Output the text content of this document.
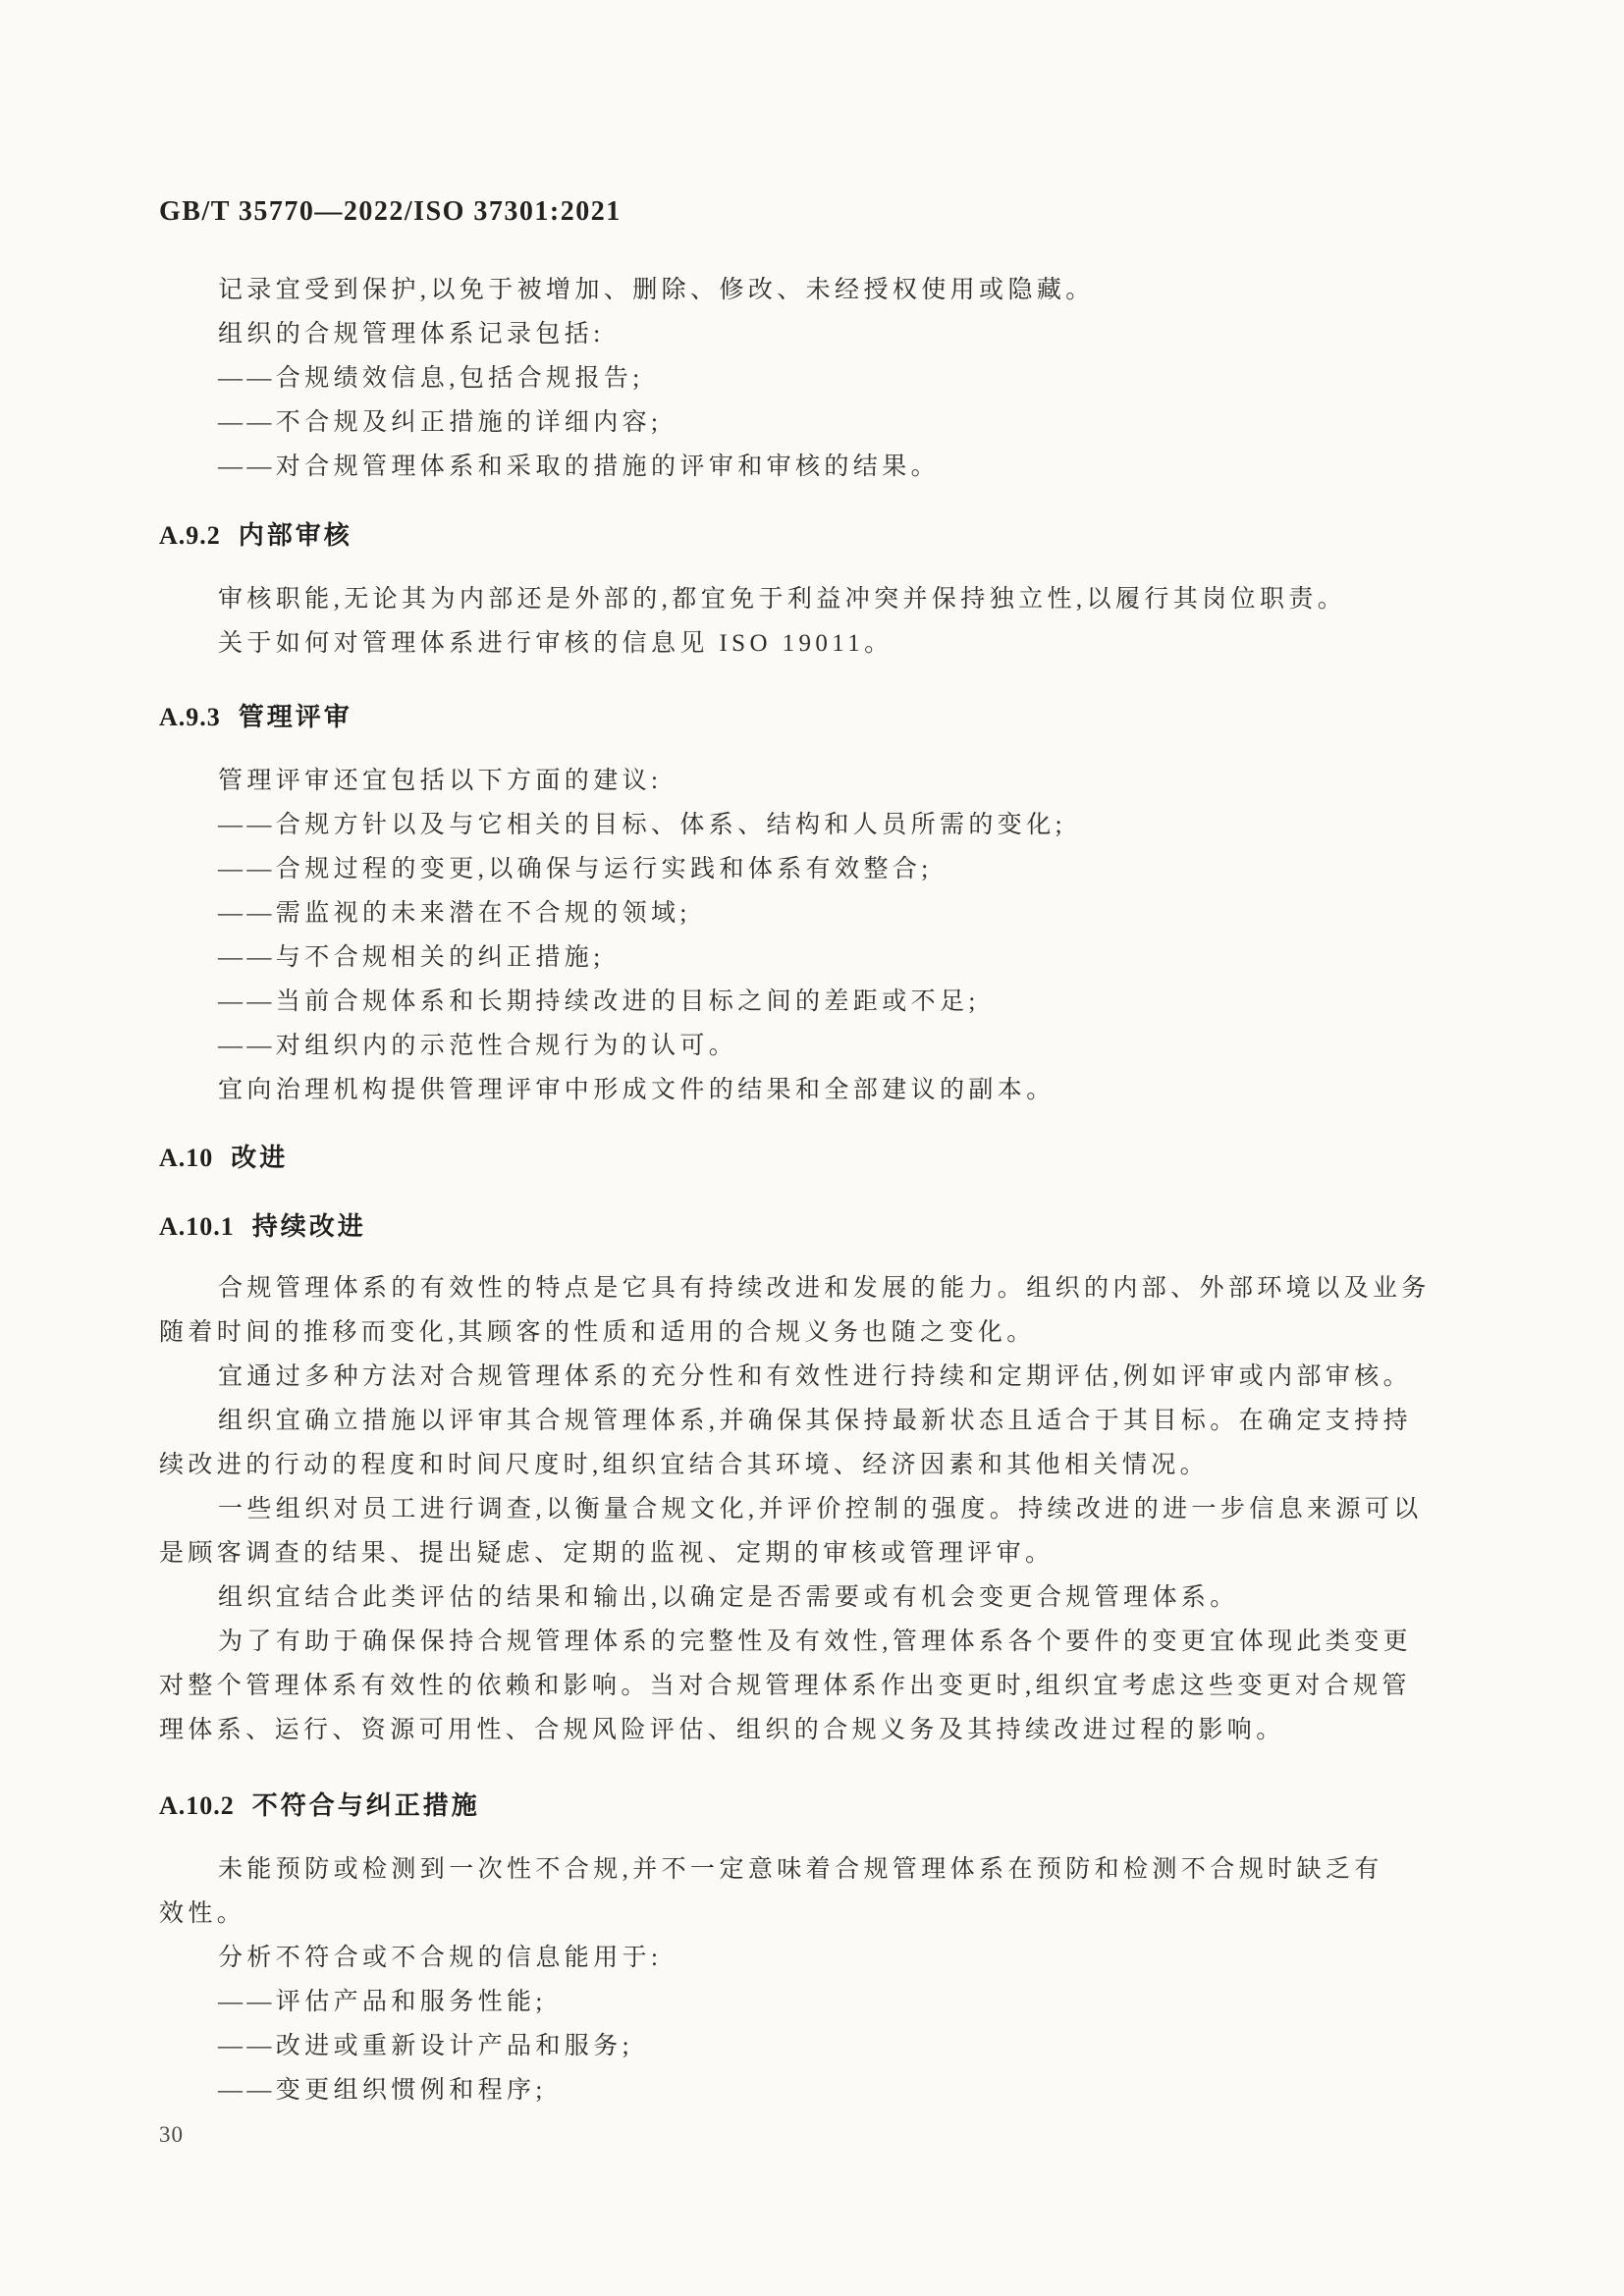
GB/T 35770—2022/ISO 37301:2021
记录宜受到保护,以免于被增加、删除、修改、未经授权使用或隐藏。
组织的合规管理体系记录包括:
——合规绩效信息,包括合规报告;
——不合规及纠正措施的详细内容;
——对合规管理体系和采取的措施的评审和审核的结果。
A.9.2 内部审核
审核职能,无论其为内部还是外部的,都宜免于利益冲突并保持独立性,以履行其岗位职责。
关于如何对管理体系进行审核的信息见 ISO 19011。
A.9.3 管理评审
管理评审还宜包括以下方面的建议:
——合规方针以及与它相关的目标、体系、结构和人员所需的变化;
——合规过程的变更,以确保与运行实践和体系有效整合;
——需监视的未来潜在不合规的领域;
——与不合规相关的纠正措施;
——当前合规体系和长期持续改进的目标之间的差距或不足;
——对组织内的示范性合规行为的认可。
宜向治理机构提供管理评审中形成文件的结果和全部建议的副本。
A.10 改进
A.10.1 持续改进
合规管理体系的有效性的特点是它具有持续改进和发展的能力。组织的内部、外部环境以及业务
随着时间的推移而变化,其顾客的性质和适用的合规义务也随之变化。
宜通过多种方法对合规管理体系的充分性和有效性进行持续和定期评估,例如评审或内部审核。
组织宜确立措施以评审其合规管理体系,并确保其保持最新状态且适合于其目标。在确定支持持
续改进的行动的程度和时间尺度时,组织宜结合其环境、经济因素和其他相关情况。
一些组织对员工进行调查,以衡量合规文化,并评价控制的强度。持续改进的进一步信息来源可以
是顾客调查的结果、提出疑虑、定期的监视、定期的审核或管理评审。
组织宜结合此类评估的结果和输出,以确定是否需要或有机会变更合规管理体系。
为了有助于确保保持合规管理体系的完整性及有效性,管理体系各个要件的变更宜体现此类变更
对整个管理体系有效性的依赖和影响。当对合规管理体系作出变更时,组织宜考虑这些变更对合规管
理体系、运行、资源可用性、合规风险评估、组织的合规义务及其持续改进过程的影响。
A.10.2 不符合与纠正措施
未能预防或检测到一次性不合规,并不一定意味着合规管理体系在预防和检测不合规时缺乏有
效性。
分析不符合或不合规的信息能用于:
——评估产品和服务性能;
——改进或重新设计产品和服务;
——变更组织惯例和程序;
30
